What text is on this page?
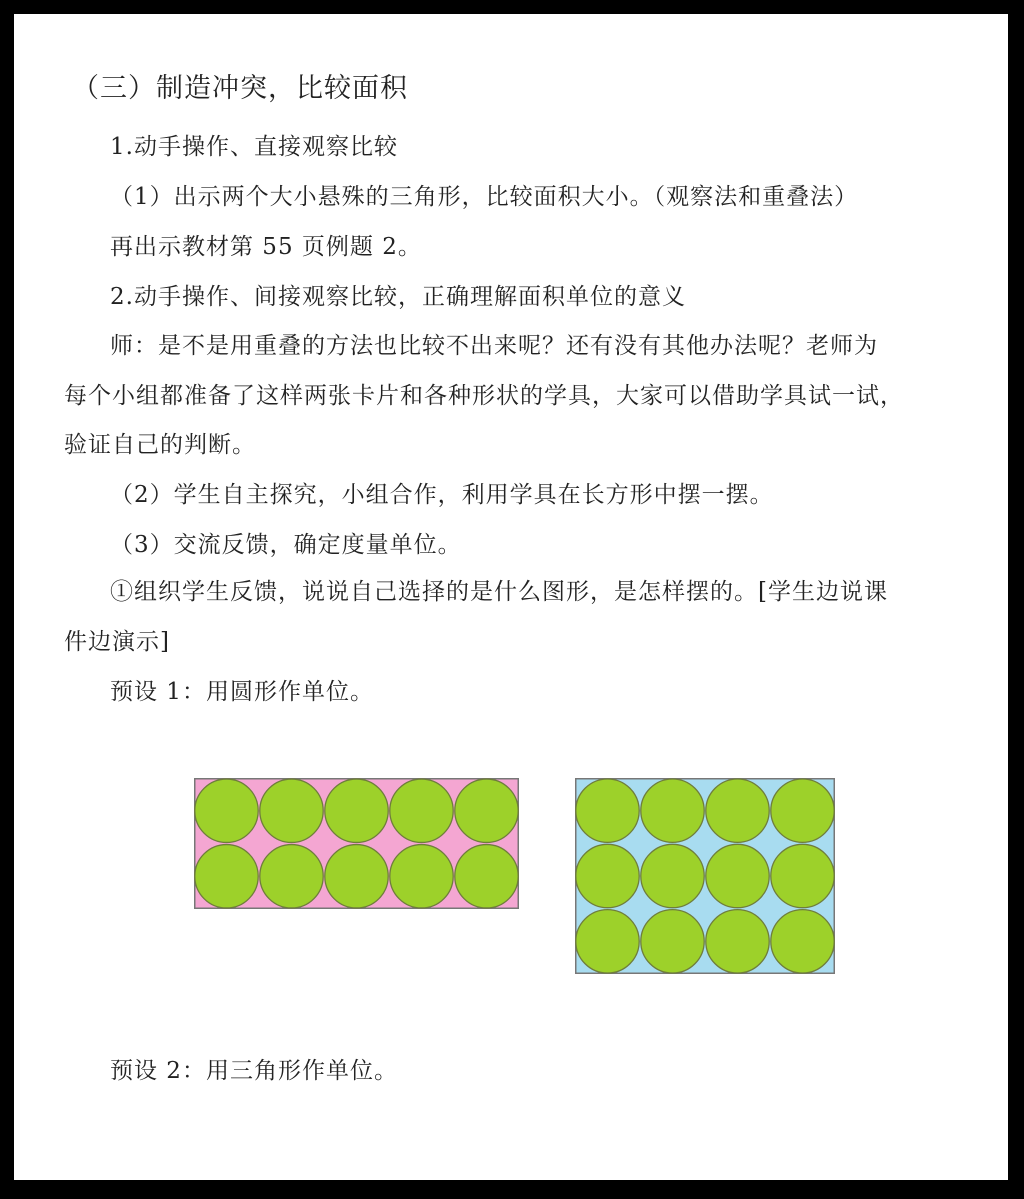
（三）制造冲突，比较面积
1.动手操作、直接观察比较
（1）出示两个大小悬殊的三角形，比较面积大小。（观察法和重叠法）
再出示教材第 55 页例题 2。
2.动手操作、间接观察比较，正确理解面积单位的意义
师：是不是用重叠的方法也比较不出来呢？还有没有其他办法呢？老师为
每个小组都准备了这样两张卡片和各种形状的学具，大家可以借助学具试一试，
验证自己的判断。
（2）学生自主探究，小组合作，利用学具在长方形中摆一摆。
（3）交流反馈，确定度量单位。
①组织学生反馈，说说自己选择的是什么图形，是怎样摆的。[学生边说课
件边演示]
预设 1：用圆形作单位。
预设 2：用三角形作单位。
